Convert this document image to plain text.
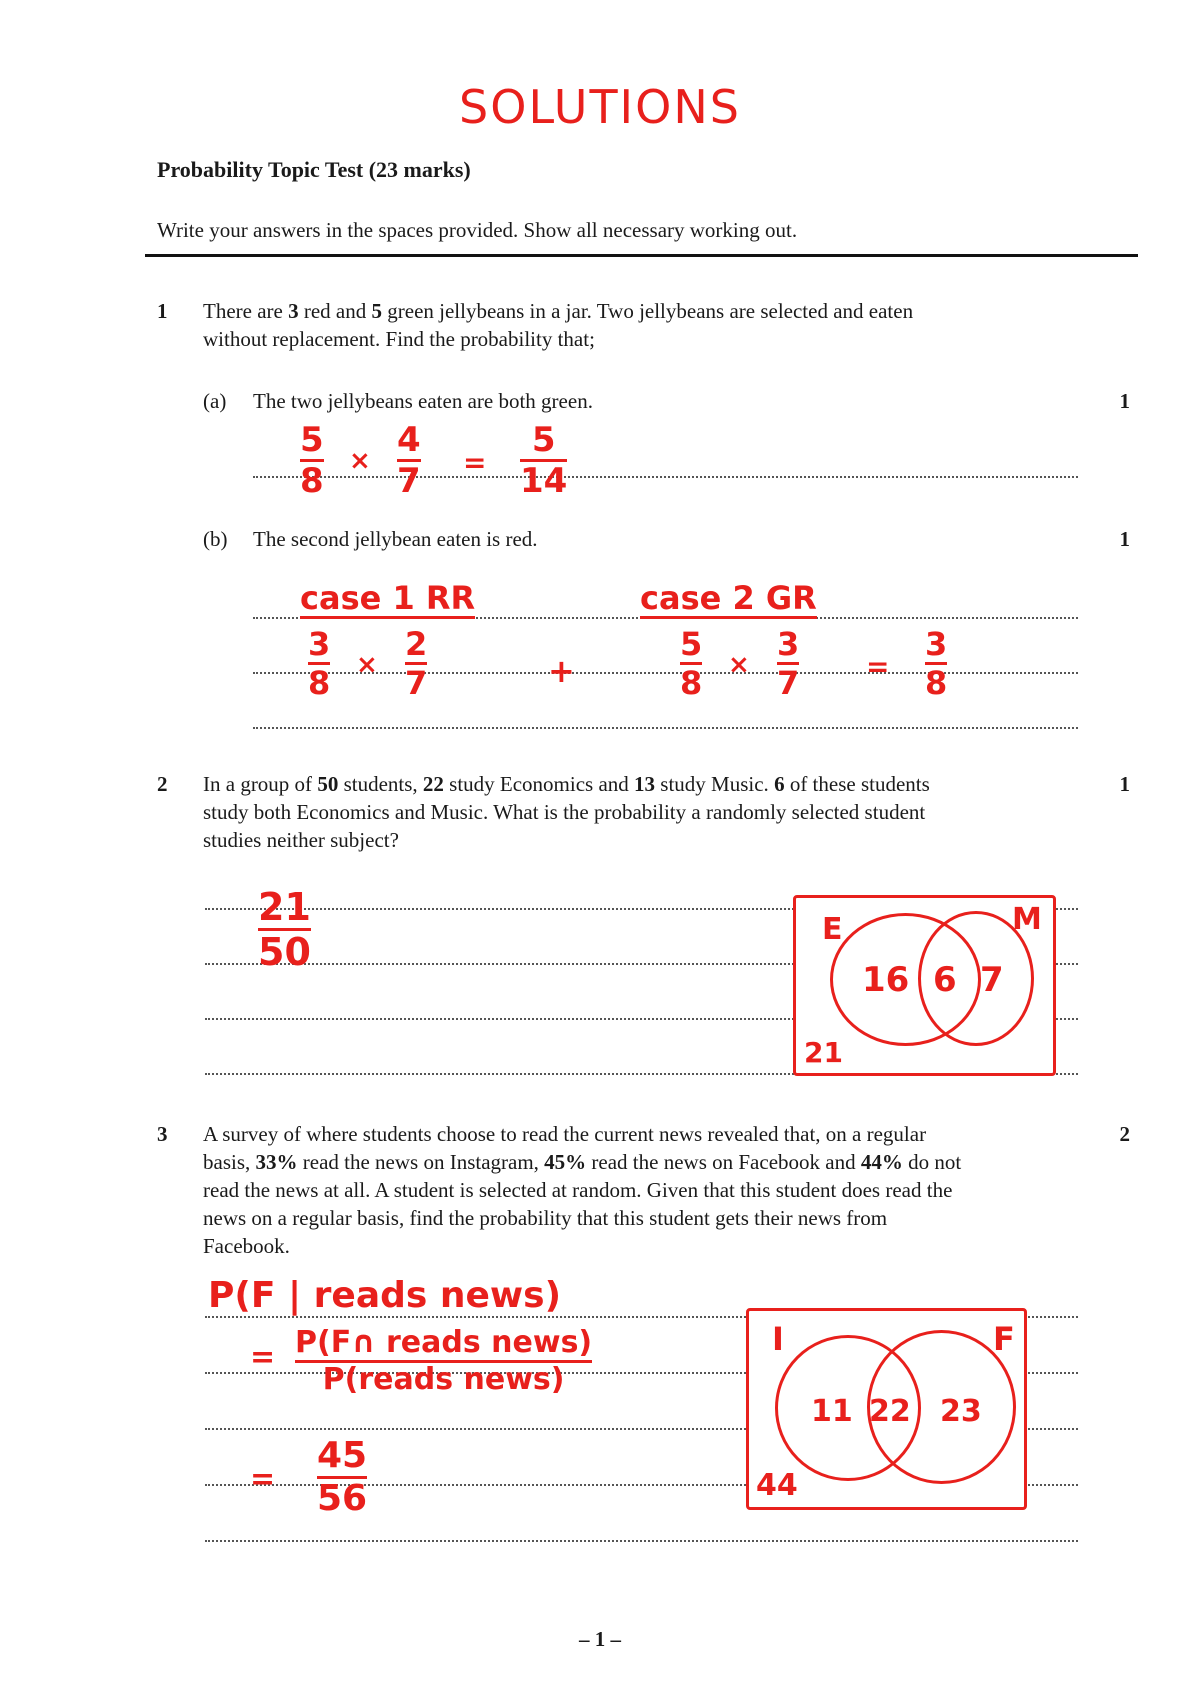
SOLUTIONS
Probability Topic Test (23 marks)
Write your answers in the spaces provided. Show all necessary working out.
1 There are 3 red and 5 green jellybeans in a jar. Two jellybeans are selected and eaten
without replacement. Find the probability that;
(a) The two jellybeans eaten are both green.	1
5
8 ×
4
7 =
5
14
(b) The second jellybean eaten is red.	1
case 1 RR	case 2 GR
3
8 ×
2
7	+
5
8 ×
3
7 =
3
8
2 In a group of 50 students, 22 study Economics and 13 study Music. 6 of these students
study both Economics and Music. What is the probability a randomly selected student
studies neither subject?
1
21
50
E	M
16 6 7
21
3 A survey of where students choose to read the current news revealed that, on a regular
basis, 33% read the news on Instagram, 45% read the news on Facebook and 44% do not
read the news at all. A student is selected at random. Given that this student does read the
news on a regular basis, find the probability that this student gets their news from
Facebook.
2
P(F | reads news)
= P(F∩ reads news)
P(reads news)
=
45
56
I	F
11 22 23
44
– 1 –
